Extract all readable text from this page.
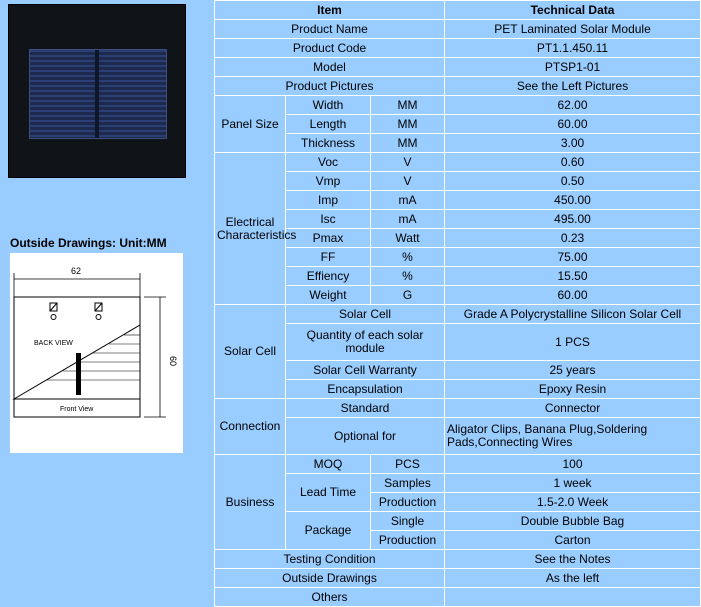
Outside Drawings: Unit:MM
62
60
BACK VIEW
Front View
Item			Technical Data
Product Name			PET Laminated Solar Module
Product Code			PT1.1.450.11
Model			PTSP1-01
Product Pictures			See the Left Pictures
Panel Size	Width	MM	62.00
	Length	MM	60.00
	Thickness	MM	3.00
Electrical Characteristics	Voc	V	0.60
	Vmp	V	0.50
	Imp	mA	450.00
	Isc	mA	495.00
	Pmax	Watt	0.23
	FF	%	75.00
	Effiency	%	15.50
	Weight	G	60.00
Solar Cell	Solar Cell		Grade A Polycrystalline Silicon Solar Cell
	Quantity of each solar module		1 PCS
	Solar Cell Warranty		25 years
	Encapsulation		Epoxy Resin
Connection	Standard		Connector
	Optional for		Aligator Clips, Banana Plug,Soldering Pads,Connecting Wires
Business	MOQ	PCS	100
	Lead Time	Samples	1 week
		Production	1.5-2.0 Week
	Package	Single	Double Bubble Bag
		Production	Carton
Testing Condition			See the Notes
Outside Drawings			As the left
Others			
